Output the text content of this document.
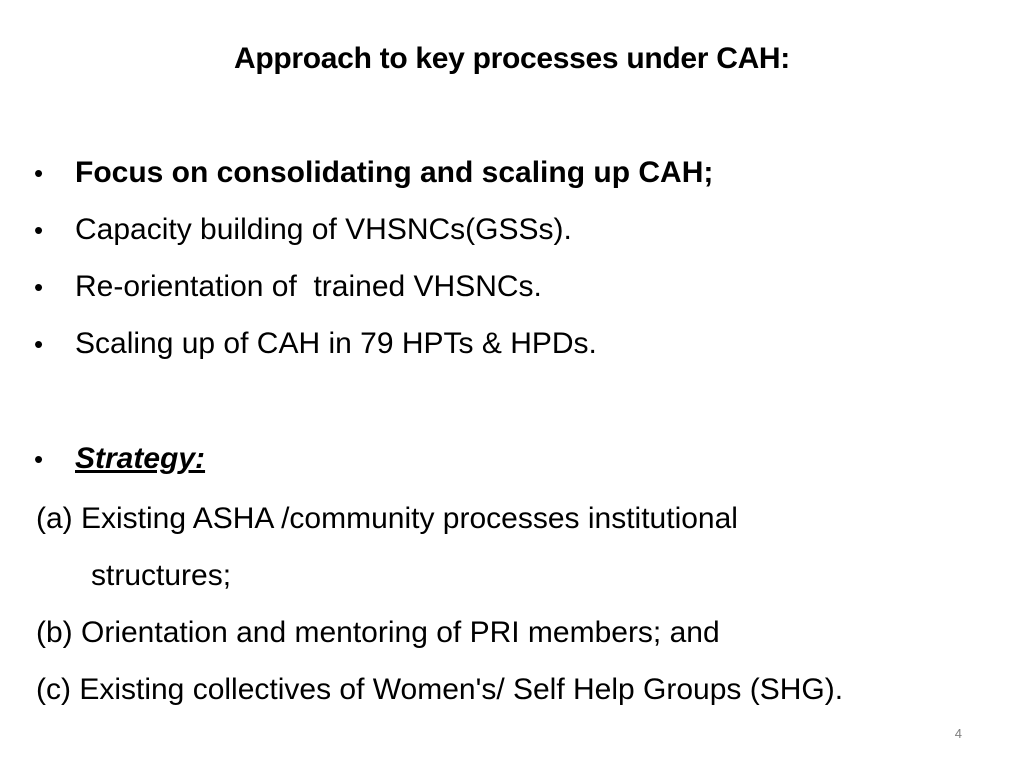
Approach to key processes under CAH:
• Focus on consolidating and scaling up CAH;
• Capacity building of VHSNCs(GSSs).
• Re-orientation of  trained VHSNCs.
• Scaling up of CAH in 79 HPTs & HPDs.
• Strategy:
(a) Existing ASHA /community processes institutional
structures;
(b) Orientation and mentoring of PRI members; and
(c) Existing collectives of Women's/ Self Help Groups (SHG).
4
